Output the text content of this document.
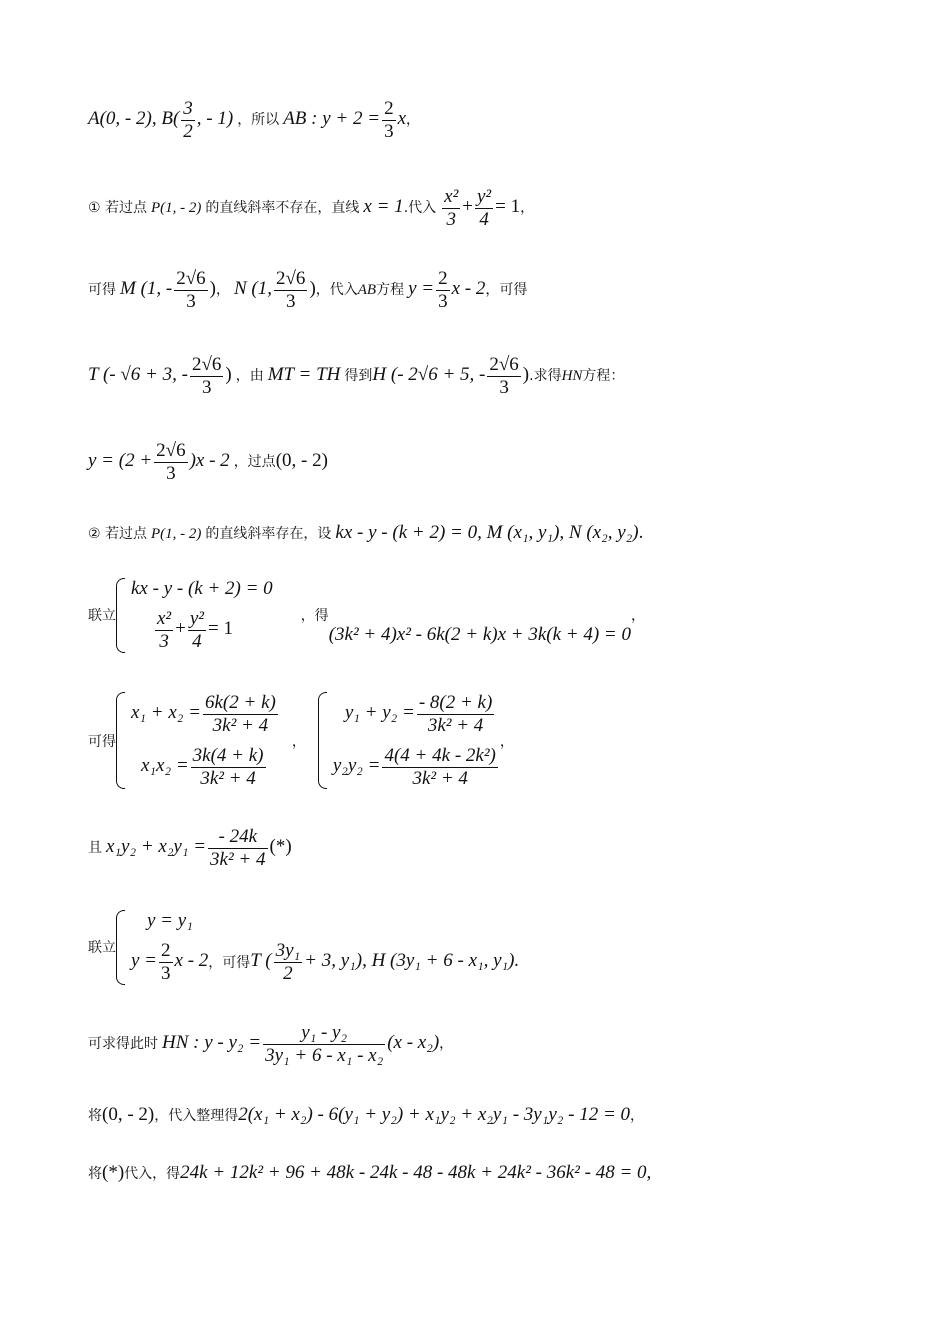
A(0, - 2), $B( \frac{3}{2}$ , - 1) ，所以 AB : $y + 2 = \frac{2}{3}$ x，
① 若过点 P(1, - 2) 的直线斜率不存在，直线 x = 1.代入 $\frac{\text{x²}}{3} + \frac{\text{y²}}{4} = 1$，
可得 M (1, - $\frac{2√6}{3}$ )， N (1, $\frac{2√6}{3}$ )，代入AB方程 $y = \frac{2}{3}$ x - 2，可得
T (- √6 + 3, - $\frac{2√6}{3}$ ) ，由 MT = TH 得到H (- 2√6 + 5, - $\frac{2√6}{3}$ ).求得HN方程：
$y = (2 + \frac{2√6}{3} )x - 2$ ，过点(0, - 2)
② 若过点 P(1, - 2) 的直线斜率存在，设 kx - y - (k + 2) = 0, M (x₁, y₁), N (x₂, y₂).
联立
kx - y - (k + 2) = 0
$\frac{\text{x²}}{3} + \frac{\text{y²}}{4} = 1$
，得
(3k² + 4)x² - 6k(2 + k)x + 3k(k + 4) = 0
，
可得
$x_1 + x_2 = \frac{6k(2 + k)}{\text{3k² + 4}}$
$x_1x_2 = \frac{3k(4 + k)}{\text{3k² + 4}}$
，
$y_1 + y_2 = \frac{- 8(2 + k)}{\text{3k² + 4}}$
$y_2y_2 = \frac{\text{4(4 + 4k - 2k²)}}{\text{3k² + 4}}$
，
且 $x_1y_2 + x_2y_1 = \frac{- 24k}{\text{3k² + 4}}$ (*)
联立
y = y₁
$y = \frac{2}{3}$ x - 2 ，可得 T ( $\frac{\text{3y₁}}{2} + 3$, y₁), H (3y₁ + 6 - x₁, y₁).
可求得此时 HN : $y - y_2 = \frac{\text{y₁ - y₂}}{\text{3y₁ + 6 - x₁ - x₂}} (x - x_2)$，
将(0, - 2)，代入整理得2(x₁ + x₂) - 6(y₁ + y₂) + x₁y₂ + x₂y₁ - 3y₁y₂ - 12 = 0，
将(*)代入，得24k + 12k² + 96 + 48k - 24k - 48 - 48k + 24k² - 36k² - 48 = 0,
